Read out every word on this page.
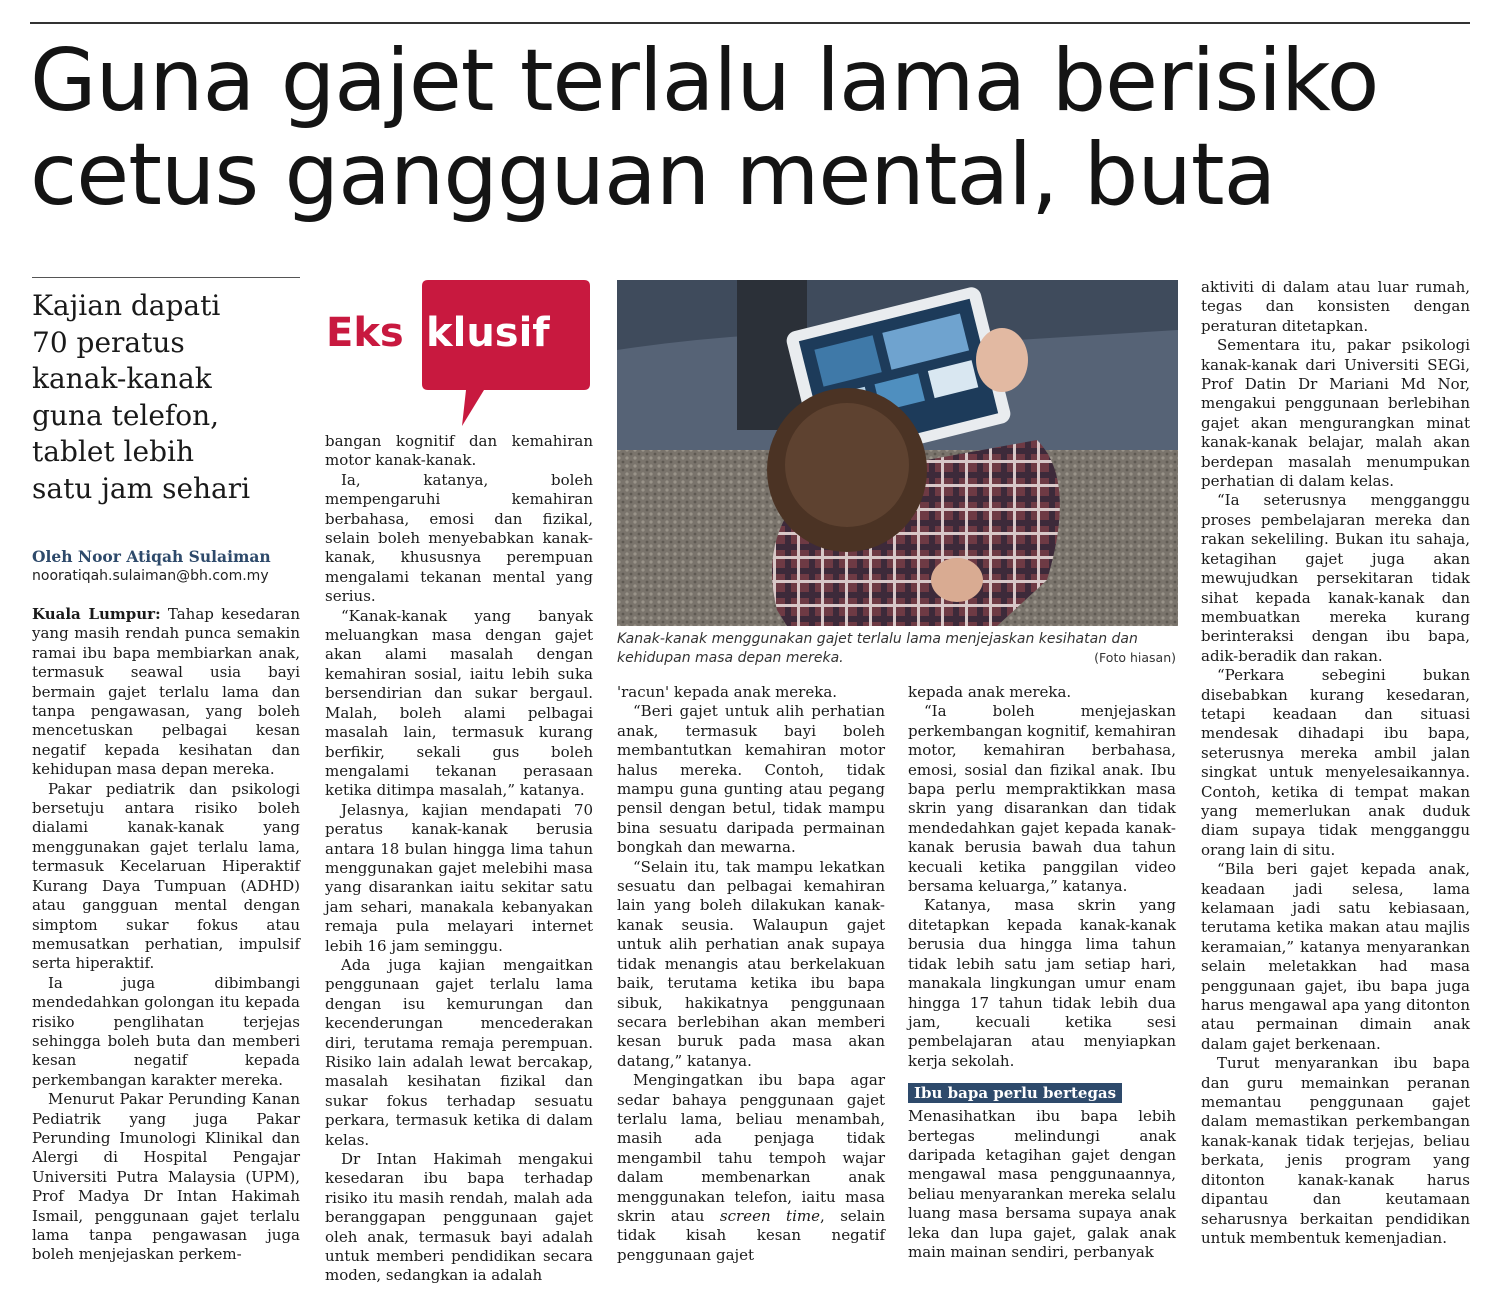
Guna gajet terlalu lama berisiko
cetus gangguan mental, buta
Kajian dapati
70 peratus
kanak-kanak
guna telefon,
tablet lebih
satu jam sehari
Oleh Noor Atiqah Sulaiman
nooratiqah.sulaiman@bh.com.my

Kuala Lumpur: Tahap kesedaran yang masih rendah punca semakin ramai ibu bapa membiarkan anak, termasuk seawal usia bayi bermain gajet terlalu lama dan tanpa pengawasan, yang boleh mencetuskan pelbagai kesan negatif kepada kesihatan dan kehidupan masa depan mereka.

Pakar pediatrik dan psikologi bersetuju antara risiko boleh dialami kanak-kanak yang menggunakan gajet terlalu lama, termasuk Kecelaruan Hiperaktif Kurang Daya Tumpuan (ADHD) atau gangguan mental dengan simptom sukar fokus atau memusatkan perhatian, impulsif serta hiperaktif.

Ia juga dibimbangi mendedahkan golongan itu kepada risiko penglihatan terjejas sehingga boleh buta dan memberi kesan negatif kepada perkembangan karakter mereka.

Menurut Pakar Perunding Kanan Pediatrik yang juga Pakar Perunding Imunologi Klinikal dan Alergi di Hospital Pengajar Universiti Putra Malaysia (UPM), Prof Madya Dr Intan Hakimah Ismail, penggunaan gajet terlalu lama tanpa pengawasan juga boleh menjejaskan perkem-

Eks klusif

bangan kognitif dan kemahiran motor kanak-kanak.

Ia, katanya, boleh mempengaruhi kemahiran berbahasa, emosi dan fizikal, selain boleh menyebabkan kanak-kanak, khususnya perempuan mengalami tekanan mental yang serius.

“Kanak-kanak yang banyak meluangkan masa dengan gajet akan alami masalah dengan kemahiran sosial, iaitu lebih suka bersendirian dan sukar bergaul. Malah, boleh alami pelbagai masalah lain, termasuk kurang berfikir, sekali gus boleh mengalami tekanan perasaan ketika ditimpa masalah,” katanya.

Jelasnya, kajian mendapati 70 peratus kanak-kanak berusia antara 18 bulan hingga lima tahun menggunakan gajet melebihi masa yang disarankan iaitu sekitar satu jam sehari, manakala kebanyakan remaja pula melayari internet lebih 16 jam seminggu.

Ada juga kajian mengaitkan penggunaan gajet terlalu lama dengan isu kemurungan dan kecenderungan mencederakan diri, terutama remaja perempuan. Risiko lain adalah lewat bercakap, masalah kesihatan fizikal dan sukar fokus terhadap sesuatu perkara, termasuk ketika di dalam kelas.

Dr Intan Hakimah mengakui kesedaran ibu bapa terhadap risiko itu masih rendah, malah ada beranggapan penggunaan gajet oleh anak, termasuk bayi adalah untuk memberi pendidikan secara moden, sedangkan ia adalah

Kanak-kanak menggunakan gajet terlalu lama menjejaskan kesihatan dan kehidupan masa depan mereka.	(Foto hiasan)

'racun' kepada anak mereka.

“Beri gajet untuk alih perhatian anak, termasuk bayi boleh membantutkan kemahiran motor halus mereka. Contoh, tidak mampu guna gunting atau pegang pensil dengan betul, tidak mampu bina sesuatu daripada permainan bongkah dan mewarna.

“Selain itu, tak mampu lekatkan sesuatu dan pelbagai kemahiran lain yang boleh dilakukan kanak-kanak seusia. Walaupun gajet untuk alih perhatian anak supaya tidak menangis atau berkelakuan baik, terutama ketika ibu bapa sibuk, hakikatnya penggunaan secara berlebihan akan memberi kesan buruk pada masa akan datang,” katanya.

Mengingatkan ibu bapa agar sedar bahaya penggunaan gajet terlalu lama, beliau menambah, masih ada penjaga tidak mengambil tahu tempoh wajar dalam membenarkan anak menggunakan telefon, iaitu masa skrin atau screen time, selain tidak kisah kesan negatif penggunaan gajet

kepada anak mereka.

“Ia boleh menjejaskan perkembangan kognitif, kemahiran motor, kemahiran berbahasa, emosi, sosial dan fizikal anak. Ibu bapa perlu mempraktikkan masa skrin yang disarankan dan tidak mendedahkan gajet kepada kanak-kanak berusia bawah dua tahun kecuali ketika panggilan video bersama keluarga,” katanya.

Katanya, masa skrin yang ditetapkan kepada kanak-kanak berusia dua hingga lima tahun tidak lebih satu jam setiap hari, manakala lingkungan umur enam hingga 17 tahun tidak lebih dua jam, kecuali ketika sesi pembelajaran atau menyiapkan kerja sekolah.

Ibu bapa perlu bertegas

Menasihatkan ibu bapa lebih bertegas melindungi anak daripada ketagihan gajet dengan mengawal masa penggunaannya, beliau menyarankan mereka selalu luang masa bersama supaya anak leka dan lupa gajet, galak anak main mainan sendiri, perbanyak

aktiviti di dalam atau luar rumah, tegas dan konsisten dengan peraturan ditetapkan.

Sementara itu, pakar psikologi kanak-kanak dari Universiti SEGi, Prof Datin Dr Mariani Md Nor, mengakui penggunaan berlebihan gajet akan mengurangkan minat kanak-kanak belajar, malah akan berdepan masalah menumpukan perhatian di dalam kelas.

“Ia seterusnya mengganggu proses pembelajaran mereka dan rakan sekeliling. Bukan itu sahaja, ketagihan gajet juga akan mewujudkan persekitaran tidak sihat kepada kanak-kanak dan membuatkan mereka kurang berinteraksi dengan ibu bapa, adik-beradik dan rakan.

“Perkara sebegini bukan disebabkan kurang kesedaran, tetapi keadaan dan situasi mendesak dihadapi ibu bapa, seterusnya mereka ambil jalan singkat untuk menyelesaikannya. Contoh, ketika di tempat makan yang memerlukan anak duduk diam supaya tidak mengganggu orang lain di situ.

“Bila beri gajet kepada anak, keadaan jadi selesa, lama kelamaan jadi satu kebiasaan, terutama ketika makan atau majlis keramaian,” katanya menyarankan selain meletakkan had masa penggunaan gajet, ibu bapa juga harus mengawal apa yang ditonton atau permainan dimain anak dalam gajet berkenaan.

Turut menyarankan ibu bapa dan guru memainkan peranan memantau penggunaan gajet dalam memastikan perkembangan kanak-kanak tidak terjejas, beliau berkata, jenis program yang ditonton kanak-kanak harus dipantau dan keutamaan seharusnya berkaitan pendidikan untuk membentuk kemenjadian.
